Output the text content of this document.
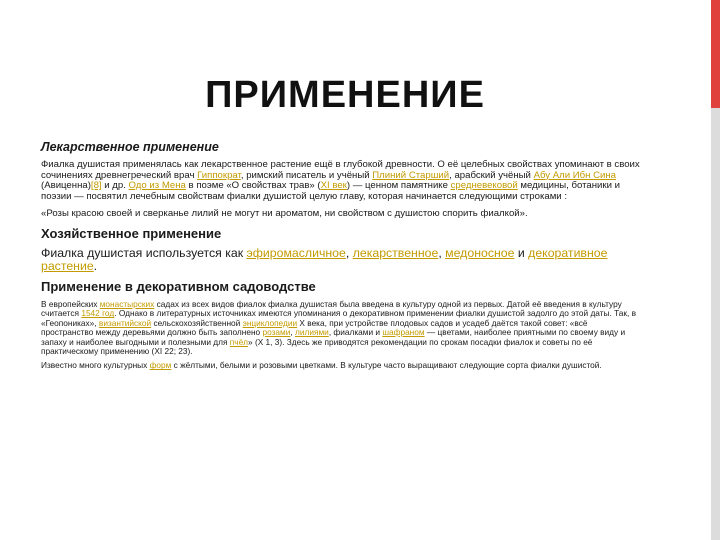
ПРИМЕНЕНИЕ
Лекарственное применение

Фиалка душистая применялась как лекарственное растение ещё в глубокой древности. О её целебных свойствах упоминают в своих сочинениях древнегреческий врач Гиппократ, римский писатель и учёный Плиний Старший, арабский учёный Абу Али Ибн Сина (Авиценна)[8] и др. Одо из Мена в поэме «О свойствах трав» (XI век) — ценном памятнике средневековой медицины, ботаники и поэзии — посвятил лечебным свойствам фиалки душистой целую главу, которая начинается следующими строками :
«Розы красою своей и сверканье лилий не могут ни ароматом, ни свойством с душистою спорить фиалкой».

Хозяйственное применение

Фиалка душистая используется как эфиромасличное, лекарственное, медоносное и декоративное растение.

Применение в декоративном садоводстве

В европейских монастырских садах из всех видов фиалок фиалка душистая была введена в культуру одной из первых. Датой её введения в культуру считается 1542 год. Однако в литературных источниках имеются упоминания о декоративном применении фиалки душистой задолго до этой даты. Так, в «Геопониках», византийской сельскохозяйственной энциклопедии X века, при устройстве плодовых садов и усадеб даётся такой совет: «всё пространство между деревьями должно быть заполнено розами, лилиями, фиалками и шафраном — цветами, наиболее приятными по своему виду и запаху и наиболее выгодными и полезными для пчёл» (Х 1, 3). Здесь же приводятся рекомендации по срокам посадки фиалок и советы по её практическому применению (XI 22; 23).

Известно много культурных форм с жёлтыми, белыми и розовыми цветками. В культуре часто выращивают следующие сорта фиалки душистой.
